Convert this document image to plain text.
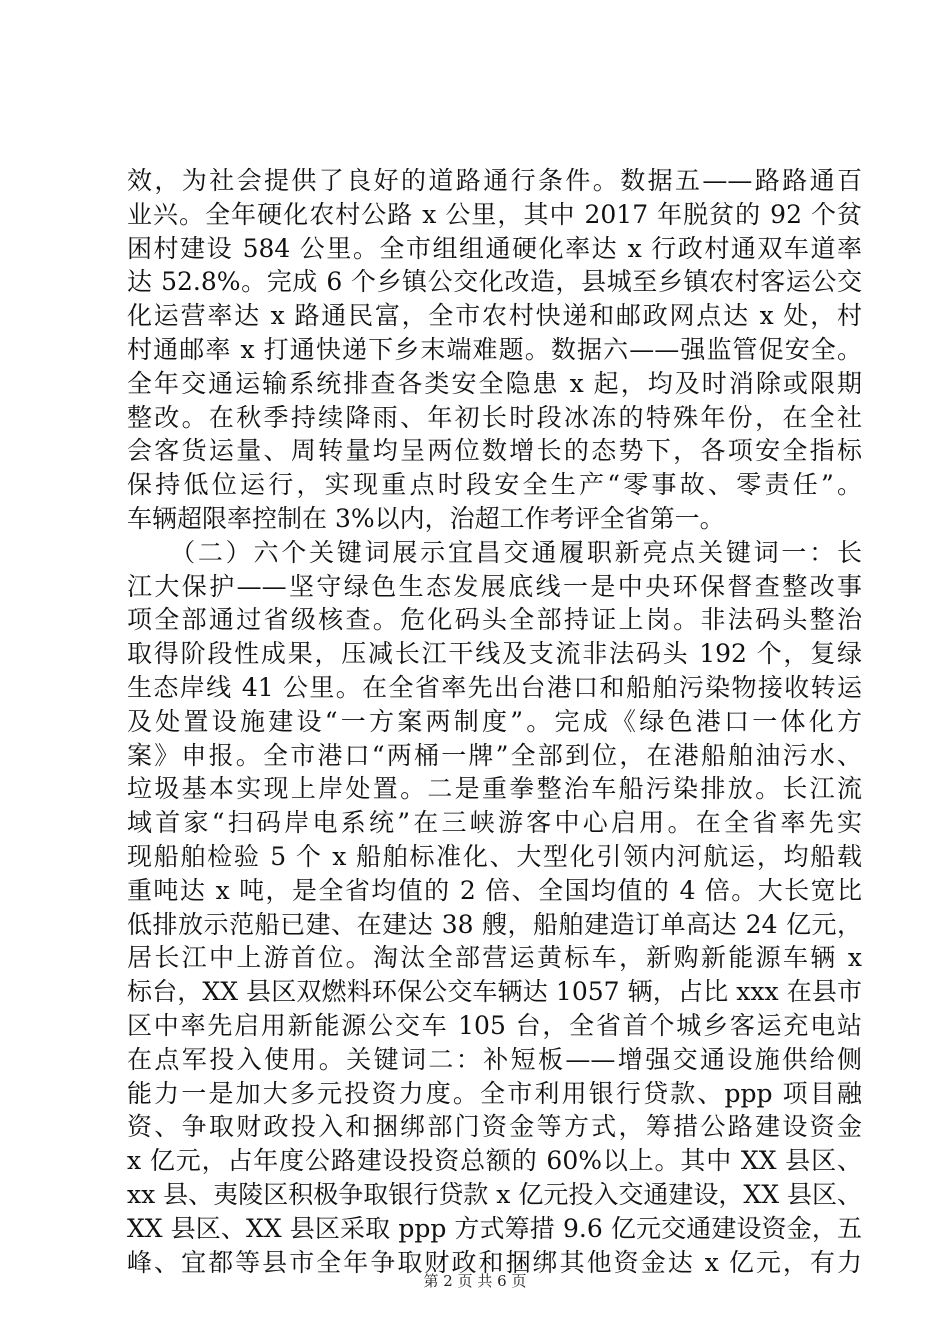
效，为社会提供了良好的道路通行条件。数据五——路路通百
业兴。全年硬化农村公路 x 公里，其中 2017 年脱贫的 92 个贫
困村建设 584 公里。全市组组通硬化率达 x 行政村通双车道率
达 52.8%。完成 6 个乡镇公交化改造，县城至乡镇农村客运公交
化运营率达 x 路通民富，全市农村快递和邮政网点达 x 处，村
村通邮率 x 打通快递下乡末端难题。数据六——强监管促安全。
全年交通运输系统排查各类安全隐患 x 起，均及时消除或限期
整改。在秋季持续降雨、年初长时段冰冻的特殊年份，在全社
会客货运量、周转量均呈两位数增长的态势下，各项安全指标
保持低位运行，实现重点时段安全生产“零事故、零责任”。
车辆超限率控制在 3%以内，治超工作考评全省第一。
　　（二）六个关键词展示宜昌交通履职新亮点关键词一：长
江大保护——坚守绿色生态发展底线一是中央环保督查整改事
项全部通过省级核查。危化码头全部持证上岗。非法码头整治
取得阶段性成果，压减长江干线及支流非法码头 192 个，复绿
生态岸线 41 公里。在全省率先出台港口和船舶污染物接收转运
及处置设施建设“一方案两制度”。完成《绿色港口一体化方
案》申报。全市港口“两桶一牌”全部到位，在港船舶油污水、
垃圾基本实现上岸处置。二是重拳整治车船污染排放。长江流
域首家“扫码岸电系统”在三峡游客中心启用。在全省率先实
现船舶检验 5 个 x 船舶标准化、大型化引领内河航运，均船载
重吨达 x 吨，是全省均值的 2 倍、全国均值的 4 倍。大长宽比
低排放示范船已建、在建达 38 艘，船舶建造订单高达 24 亿元，
居长江中上游首位。淘汰全部营运黄标车，新购新能源车辆 x
标台，XX 县区双燃料环保公交车辆达 1057 辆，占比 xxx 在县市
区中率先启用新能源公交车 105 台，全省首个城乡客运充电站
在点军投入使用。关键词二：补短板——增强交通设施供给侧
能力一是加大多元投资力度。全市利用银行贷款、ppp 项目融
资、争取财政投入和捆绑部门资金等方式，筹措公路建设资金
x 亿元，占年度公路建设投资总额的 60%以上。其中 XX 县区、
xx 县、夷陵区积极争取银行贷款 x 亿元投入交通建设，XX 县区、
XX 县区、XX 县区采取 ppp 方式筹措 9.6 亿元交通建设资金，五
峰、宜都等县市全年争取财政和捆绑其他资金达 x 亿元，有力
第 2 页 共 6 页
